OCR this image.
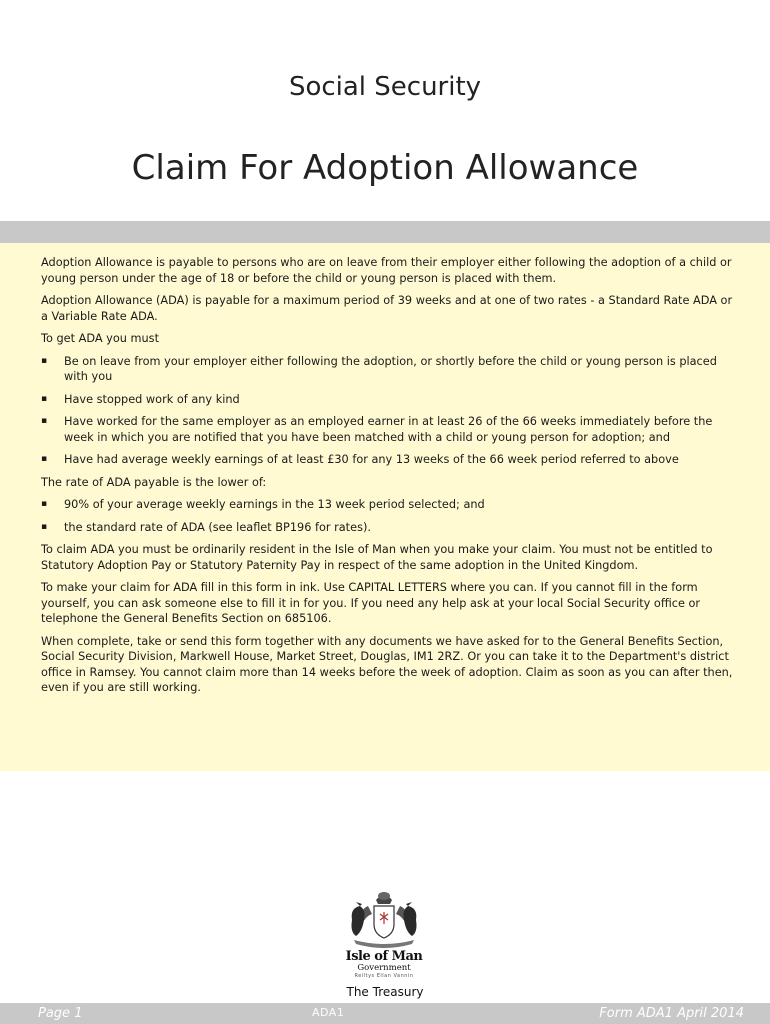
Social Security
Claim For Adoption Allowance

Adoption Allowance is payable to persons who are on leave from their employer either following the adoption of a child or young person under the age of 18 or before the child or young person is placed with them.

Adoption Allowance (ADA) is payable for a maximum period of 39 weeks and at one of two rates - a Standard Rate ADA or a Variable Rate ADA.

To get ADA you must

▪ Be on leave from your employer either following the adoption, or shortly before the child or young person is placed with you
▪ Have stopped work of any kind
▪ Have worked for the same employer as an employed earner in at least 26 of the 66 weeks immediately before the week in which you are notified that you have been matched with a child or young person for adoption; and
▪ Have had average weekly earnings of at least £30 for any 13 weeks of the 66 week period referred to above

The rate of ADA payable is the lower of:

▪ 90% of your average weekly earnings in the 13 week period selected; and
▪ the standard rate of ADA (see leaflet BP196 for rates).

To claim ADA you must be ordinarily resident in the Isle of Man when you make your claim. You must not be entitled to Statutory Adoption Pay or Statutory Paternity Pay in respect of the same adoption in the United Kingdom.

To make your claim for ADA fill in this form in ink. Use CAPITAL LETTERS where you can. If you cannot fill in the form yourself, you can ask someone else to fill it in for you. If you need any help ask at your local Social Security office or telephone the General Benefits Section on 685106.

When complete, take or send this form together with any documents we have asked for to the General Benefits Section, Social Security Division, Markwell House, Market Street, Douglas, IM1 2RZ. Or you can take it to the Department's district office in Ramsey. You cannot claim more than 14 weeks before the week of adoption. Claim as soon as you can after then, even if you are still working.

Isle of Man
Government
Reiltys Ellan Vannin
The Treasury
Page 1	ADA1	Form ADA1 April 2014
